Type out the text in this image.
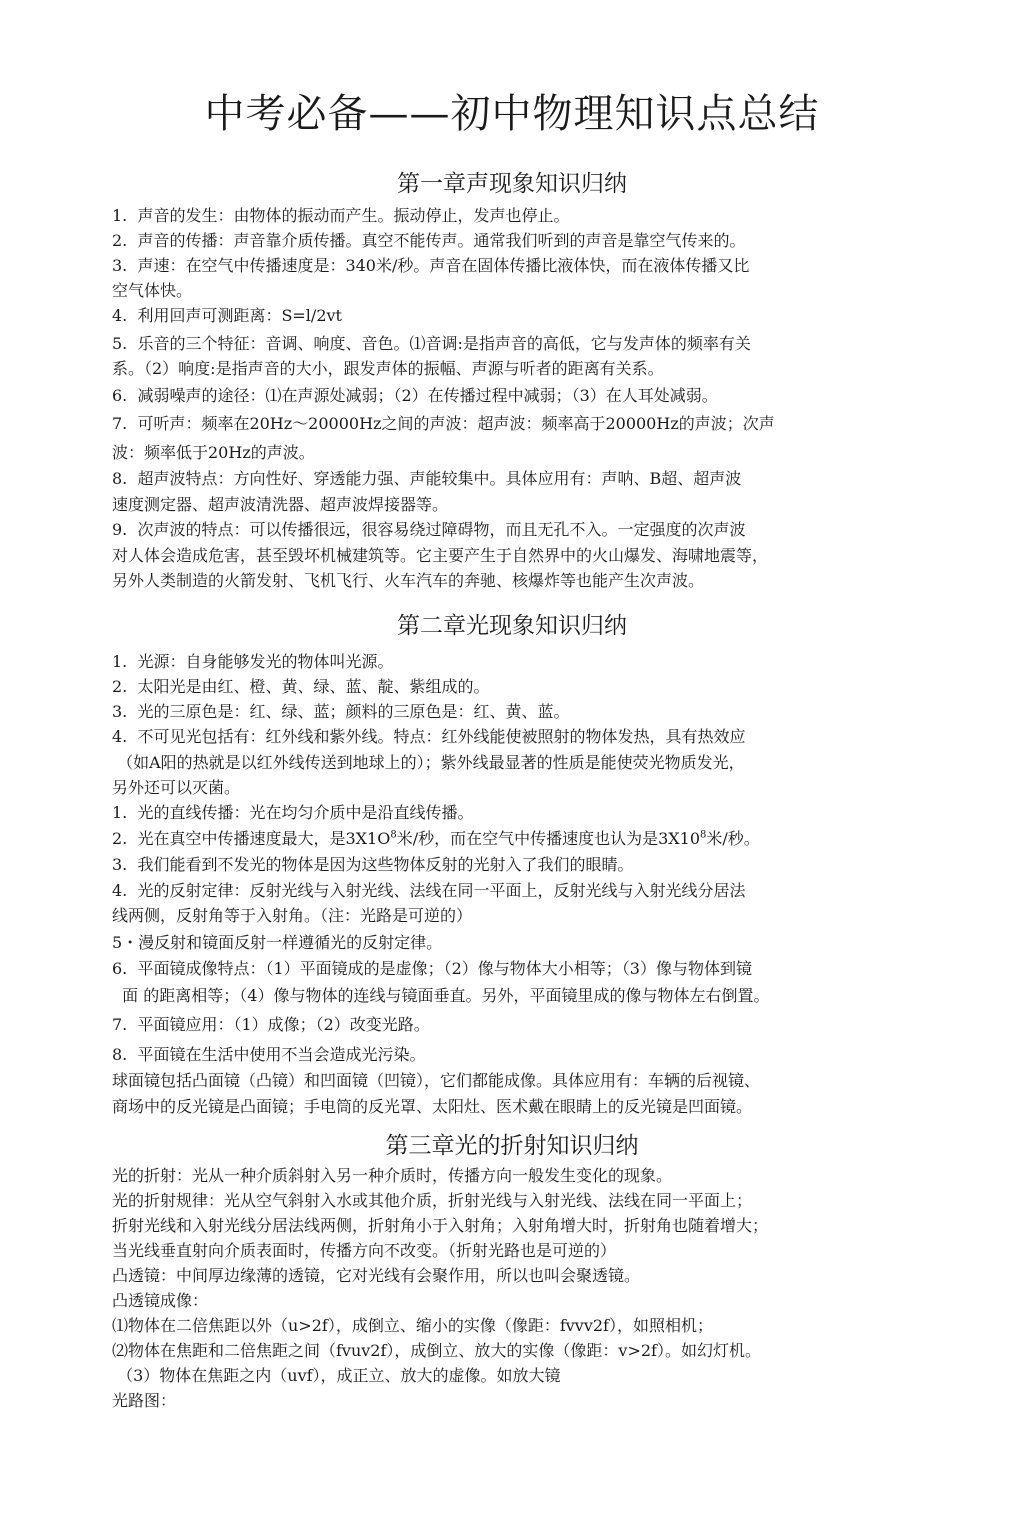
中考必备——初中物理知识点总结
第一章声现象知识归纳

1.  声音的发生：由物体的振动而产生。振动停止，发声也停止。

2.  声音的传播：声音靠介质传播。真空不能传声。通常我们听到的声音是靠空气传来的。

3.  声速：在空气中传播速度是：340米/秒。声音在固体传播比液体快，而在液体传播又比

空气体快。

4.  利用回声可测距离：S=l/2vt

5.  乐音的三个特征：音调、响度、音色。⑴音调:是指声音的高低，它与发声体的频率有关

系。（2）响度:是指声音的大小，跟发声体的振幅、声源与听者的距离有关系。

6.  减弱噪声的途径：⑴在声源处减弱；（2）在传播过程中减弱；（3）在人耳处减弱。

7.  可听声：频率在20Hz～20000Hz之间的声波：超声波：频率高于20000Hz的声波；次声

波：频率低于20Hz的声波。

8.  超声波特点：方向性好、穿透能力强、声能较集中。具体应用有：声呐、B超、超声波

速度测定器、超声波清洗器、超声波焊接器等。

9.  次声波的特点：可以传播很远，很容易绕过障碍物，而且无孔不入。一定强度的次声波

对人体会造成危害，甚至毁坏机械建筑等。它主要产生于自然界中的火山爆发、海啸地震等，

另外人类制造的火箭发射、飞机飞行、火车汽车的奔驰、核爆炸等也能产生次声波。

第二章光现象知识归纳

1.  光源：自身能够发光的物体叫光源。

2.  太阳光是由红、橙、黄、绿、蓝、靛、紫组成的。

3.  光的三原色是：红、绿、蓝；颜料的三原色是：红、黄、蓝。

4.  不可见光包括有：红外线和紫外线。特点：红外线能使被照射的物体发热，具有热效应

（如A阳的热就是以红外线传送到地球上的）；紫外线最显著的性质是能使荧光物质发光，

另外还可以灭菌。

1.  光的直线传播：光在均匀介质中是沿直线传播。

2.  光在真空中传播速度最大，是$3X1O^8$米/秒，而在空气中传播速度也认为是$3X10^8$米/秒。

3.  我们能看到不发光的物体是因为这些物体反射的光射入了我们的眼睛。

4.  光的反射定律：反射光线与入射光线、法线在同一平面上，反射光线与入射光线分居法

线两侧，反射角等于入射角。（注：光路是可逆的）

5・漫反射和镜面反射一样遵循光的反射定律。

6.  平面镜成像特点：（1）平面镜成的是虚像；（2）像与物体大小相等；（3）像与物体到镜

面 的距离相等；（4）像与物体的连线与镜面垂直。另外，平面镜里成的像与物体左右倒置。

7.  平面镜应用：（1）成像；（2）改变光路。

8.  平面镜在生活中使用不当会造成光污染。

球面镜包括凸面镜（凸镜）和凹面镜（凹镜），它们都能成像。具体应用有：车辆的后视镜、

商场中的反光镜是凸面镜；手电筒的反光罩、太阳灶、医术戴在眼睛上的反光镜是凹面镜。

第三章光的折射知识归纳

光的折射：光从一种介质斜射入另一种介质时，传播方向一般发生变化的现象。

光的折射规律：光从空气斜射入水或其他介质，折射光线与入射光线、法线在同一平面上；

折射光线和入射光线分居法线两侧，折射角小于入射角；入射角增大时，折射角也随着增大；

当光线垂直射向介质表面时，传播方向不改变。（折射光路也是可逆的）

凸透镜：中间厚边缘薄的透镜，它对光线有会聚作用，所以也叫会聚透镜。

凸透镜成像：

⑴物体在二倍焦距以外（u>2f），成倒立、缩小的实像（像距：fvvv2f），如照相机；

⑵物体在焦距和二倍焦距之间（fvuv2f），成倒立、放大的实像（像距：v>2f）。如幻灯机。

（3）物体在焦距之内（uvf），成正立、放大的虚像。如放大镜

光路图：
